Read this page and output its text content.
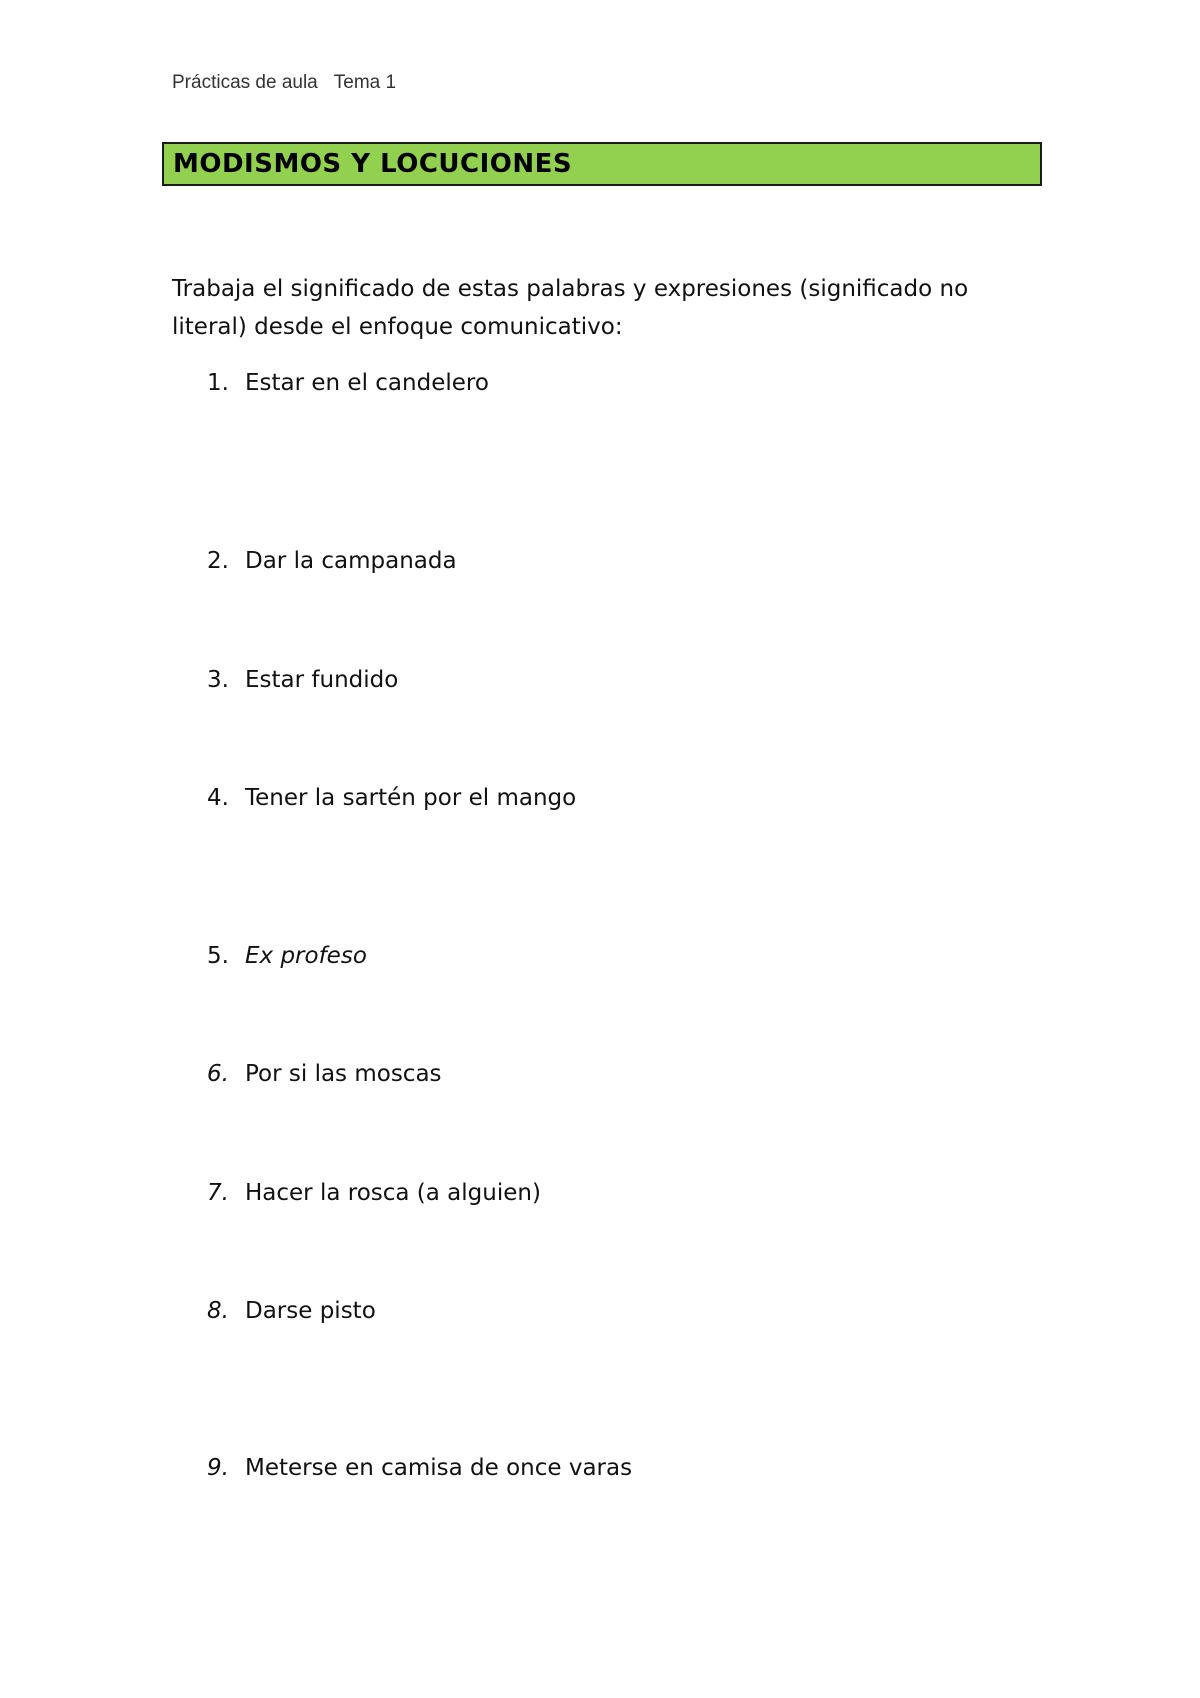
Prácticas de aula Tema 1
MODISMOS Y LOCUCIONES
Trabaja el significado de estas palabras y expresiones (significado no literal) desde el enfoque comunicativo:
1. Estar en el candelero
2. Dar la campanada
3. Estar fundido
4. Tener la sartén por el mango
5. Ex profeso
6. Por si las moscas
7. Hacer la rosca (a alguien)
8. Darse pisto
9. Meterse en camisa de once varas
